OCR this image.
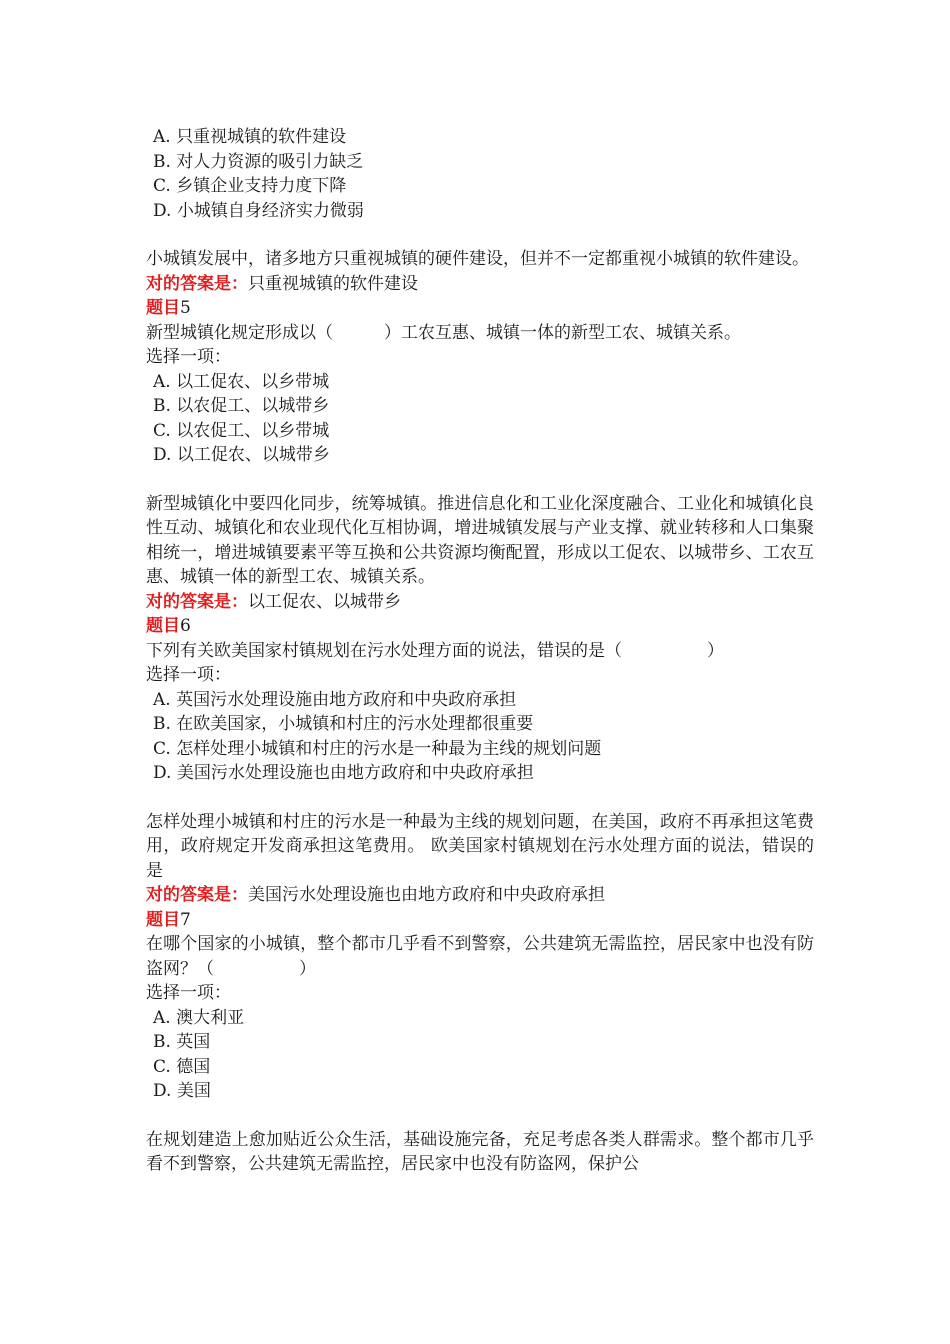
A. 只重视城镇的软件建设
B. 对人力资源的吸引力缺乏
C. 乡镇企业支持力度下降
D. 小城镇自身经济实力微弱
小城镇发展中，诸多地方只重视城镇的硬件建设，但并不一定都重视小城镇的软件建设。
对的答案是：只重视城镇的软件建设
题目5
新型城镇化规定形成以（　　　）工农互惠、城镇一体的新型工农、城镇关系。
选择一项：
A. 以工促农、以乡带城
B. 以农促工、以城带乡
C. 以农促工、以乡带城
D. 以工促农、以城带乡
新型城镇化中要四化同步，统筹城镇。推进信息化和工业化深度融合、工业化和城镇化良性互动、城镇化和农业现代化互相协调，增进城镇发展与产业支撑、就业转移和人口集聚相统一，增进城镇要素平等互换和公共资源均衡配置，形成以工促农、以城带乡、工农互惠、城镇一体的新型工农、城镇关系。
对的答案是：以工促农、以城带乡
题目6
下列有关欧美国家村镇规划在污水处理方面的说法，错误的是（　　　　　）
选择一项：
A. 英国污水处理设施由地方政府和中央政府承担
B. 在欧美国家，小城镇和村庄的污水处理都很重要
C. 怎样处理小城镇和村庄的污水是一种最为主线的规划问题
D. 美国污水处理设施也由地方政府和中央政府承担
怎样处理小城镇和村庄的污水是一种最为主线的规划问题，在美国，政府不再承担这笔费用，政府规定开发商承担这笔费用。 欧美国家村镇规划在污水处理方面的说法，错误的是
对的答案是：美国污水处理设施也由地方政府和中央政府承担
题目7
在哪个国家的小城镇，整个都市几乎看不到警察，公共建筑无需监控，居民家中也没有防盗网？（　　　　　）
选择一项：
A. 澳大利亚
B. 英国
C. 德国
D. 美国
在规划建造上愈加贴近公众生活，基础设施完备，充足考虑各类人群需求。整个都市几乎看不到警察，公共建筑无需监控，居民家中也没有防盗网，保护公
